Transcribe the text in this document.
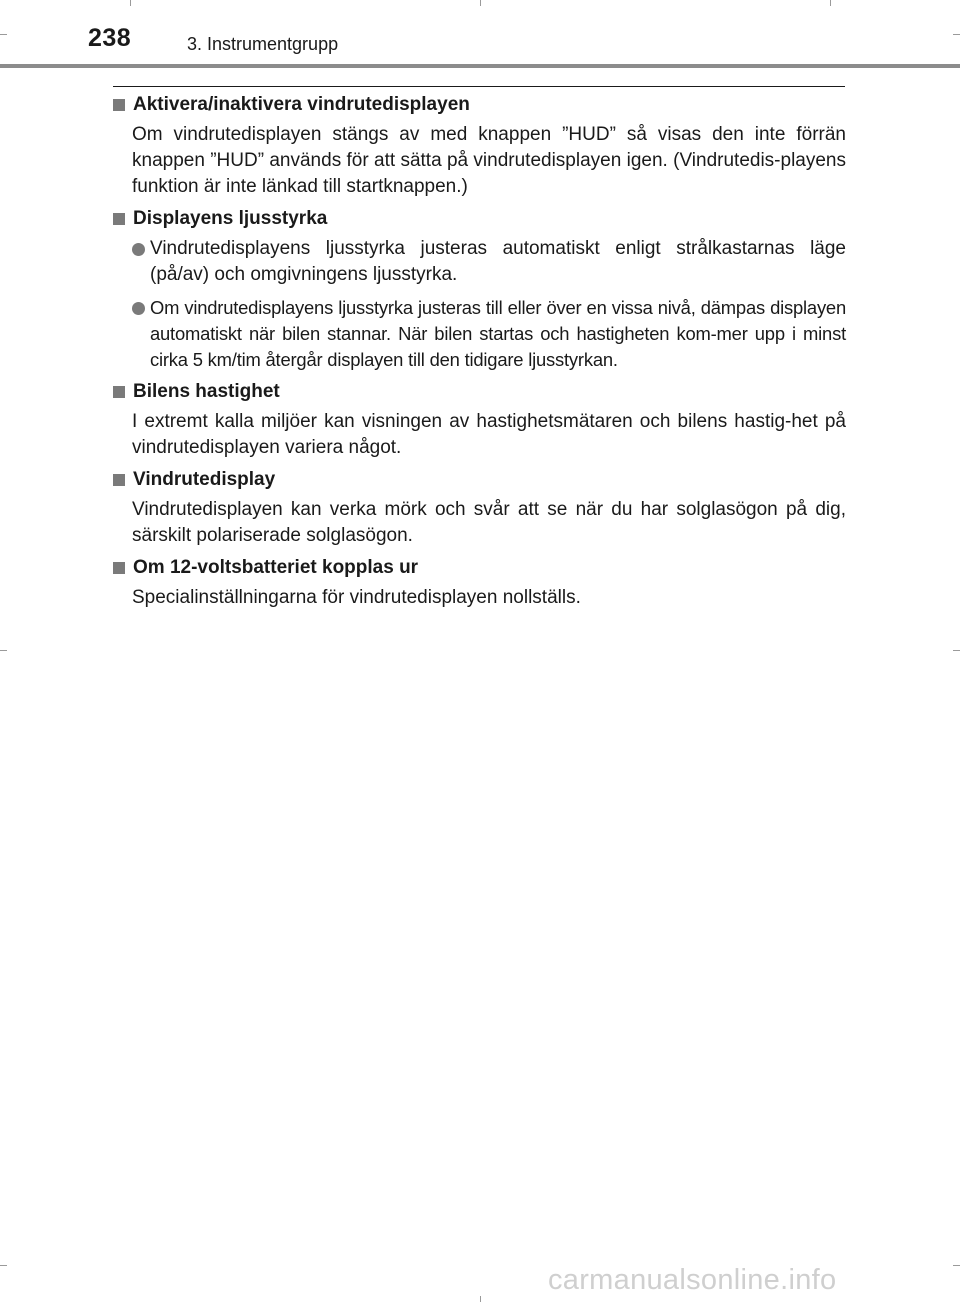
238	3. Instrumentgrupp
Aktivera/inaktivera vindrutedisplayen
Om vindrutedisplayen stängs av med knappen ”HUD” så visas den inte förrän knappen ”HUD” används för att sätta på vindrutedisplayen igen. (Vindrutedis-playens funktion är inte länkad till startknappen.)
Displayens ljusstyrka
Vindrutedisplayens ljusstyrka justeras automatiskt enligt strålkastarnas läge (på/av) och omgivningens ljusstyrka.
Om vindrutedisplayens ljusstyrka justeras till eller över en vissa nivå, dämpas displayen automatiskt när bilen stannar. När bilen startas och hastigheten kom-mer upp i minst cirka 5 km/tim återgår displayen till den tidigare ljusstyrkan.
Bilens hastighet
I extremt kalla miljöer kan visningen av hastighetsmätaren och bilens hastig-het på vindrutedisplayen variera något.
Vindrutedisplay
Vindrutedisplayen kan verka mörk och svår att se när du har solglasögon på dig, särskilt polariserade solglasögon.
Om 12-voltsbatteriet kopplas ur
Specialinställningarna för vindrutedisplayen nollställs.
carmanualsonline.info
